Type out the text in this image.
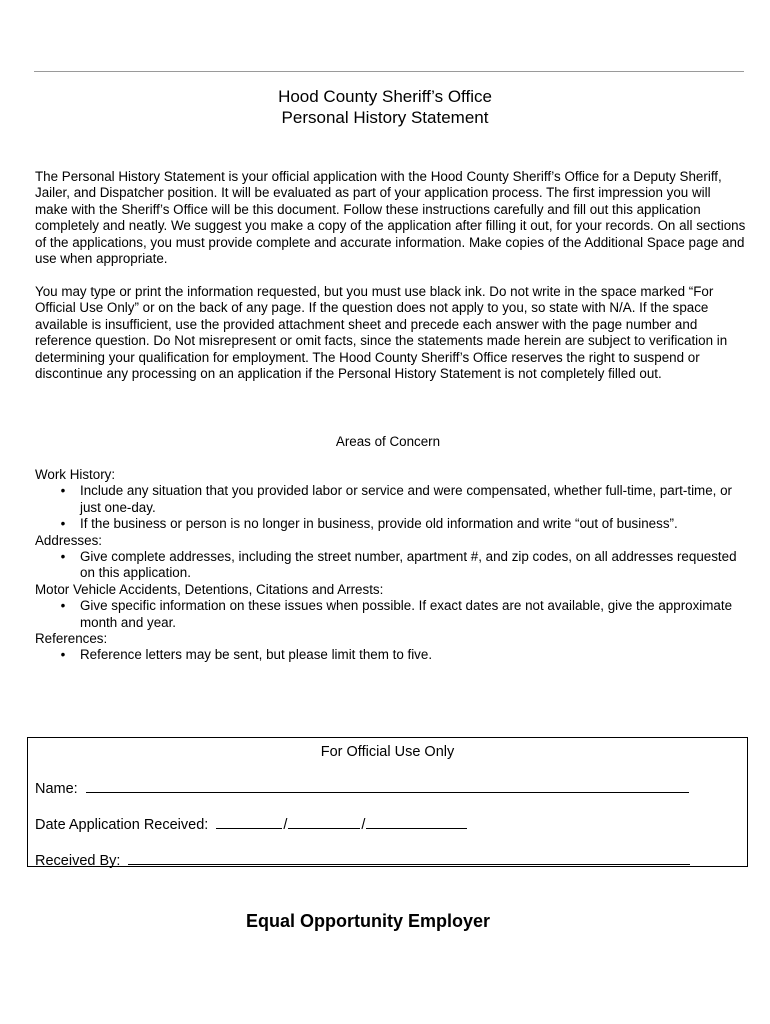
Hood County Sheriff’s Office
Personal History Statement

The Personal History Statement is your official application with the Hood County Sheriff’s Office for a Deputy Sheriff, Jailer, and Dispatcher position. It will be evaluated as part of your application process. The first impression you will make with the Sheriff’s Office will be this document. Follow these instructions carefully and fill out this application completely and neatly. We suggest you make a copy of the application after filling it out, for your records. On all sections of the applications, you must provide complete and accurate information. Make copies of the Additional Space page and use when appropriate.

You may type or print the information requested, but you must use black ink. Do not write in the space marked “For Official Use Only” or on the back of any page. If the question does not apply to you, so state with N/A. If the space available is insufficient, use the provided attachment sheet and precede each answer with the page number and reference question. Do Not misrepresent or omit facts, since the statements made herein are subject to verification in determining your qualification for employment. The Hood County Sheriff’s Office reserves the right to suspend or discontinue any processing on an application if the Personal History Statement is not completely filled out.

Areas of Concern
Work History:
• Include any situation that you provided labor or service and were compensated, whether full-time, part-time, or just one-day.
• If the business or person is no longer in business, provide old information and write “out of business”.
Addresses:
• Give complete addresses, including the street number, apartment #, and zip codes, on all addresses requested on this application.
Motor Vehicle Accidents, Detentions, Citations and Arrests:
• Give specific information on these issues when possible. If exact dates are not available, give the approximate month and year.
References:
• Reference letters may be sent, but please limit them to five.
For Official Use Only
Name:
Date Application Received:	/	/
Received By:
Equal Opportunity Employer
